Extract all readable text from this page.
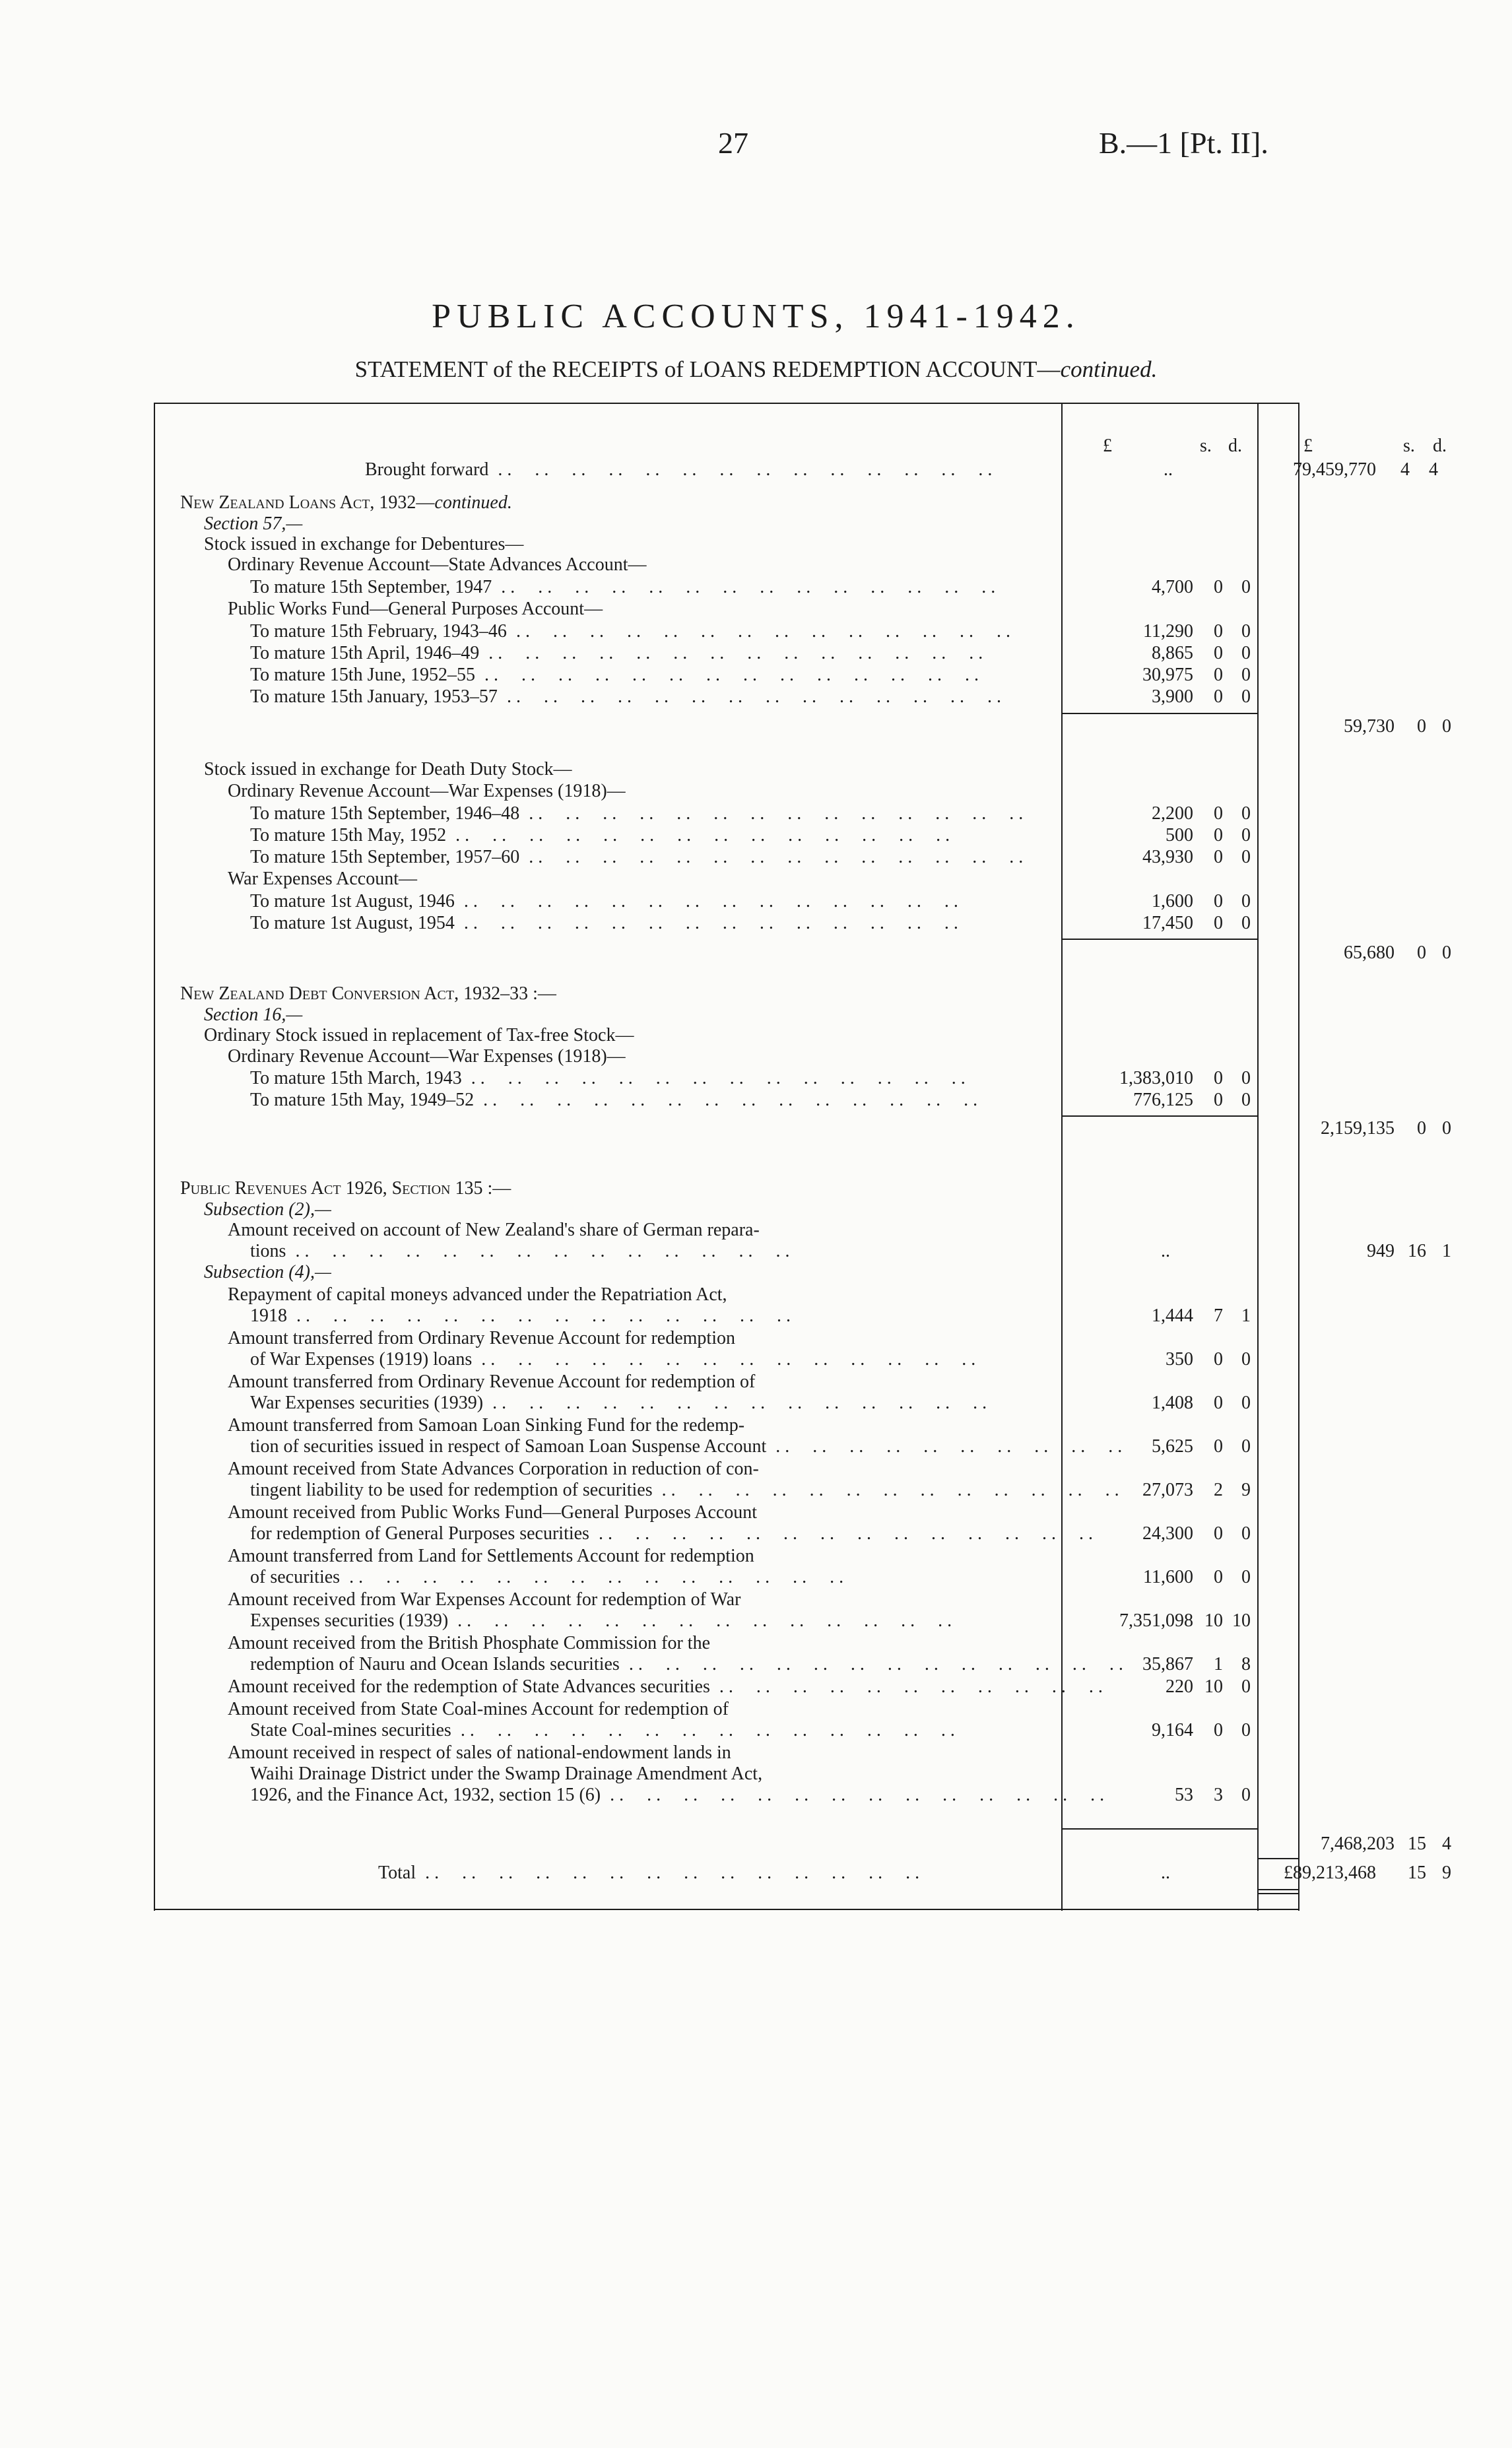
27	B.—1 [Pt. II].
PUBLIC ACCOUNTS, 1941-1942.
STATEMENT of the RECEIPTS of LOANS REDEMPTION ACCOUNT—continued.
£	s. d.	£	s. d.
Brought forward . .	..	79,459,770 4 4
New Zealand Loans Act, 1932—continued.
Section 57,—
Stock issued in exchange for Debentures—
Ordinary Revenue Account—State Advances Account—
To mature 15th September, 1947 . .	4,700	0	0
Public Works Fund—General Purposes Account—
To mature 15th February, 1943–46 . .	11,290	0	0
To mature 15th April, 1946–49 . .	8,865	0	0
To mature 15th June, 1952–55 . .	30,975	0	0
To mature 15th January, 1953–57 . .	3,900	0	0
59,730	0 0
Stock issued in exchange for Death Duty Stock—
Ordinary Revenue Account—War Expenses (1918)—
To mature 15th September, 1946–48 . .	2,200	0	0
To mature 15th May, 1952 . .	500	0	0
To mature 15th September, 1957–60 . .	43,930	0	0
War Expenses Account—
To mature 1st August, 1946 . .	1,600	0	0
To mature 1st August, 1954 . .	17,450	0	0
65,680	0 0
New Zealand Debt Conversion Act, 1932–33 :—
Section 16,—
Ordinary Stock issued in replacement of Tax-free Stock—
Ordinary Revenue Account—War Expenses (1918)—
To mature 15th March, 1943 . .	1,383,010	0	0
To mature 15th May, 1949–52 . .	776,125	0	0
2,159,135	0 0
Public Revenues Act 1926, Section 135 :—
Subsection (2),—
Amount received on account of New Zealand's share of German repara-
tions . .	..	949 16 1
Subsection (4),—
Repayment of capital moneys advanced under the Repatriation Act,
1918 . .	1,444	7	1
Amount transferred from Ordinary Revenue Account for redemption
of War Expenses (1919) loans . .	350	0	0
Amount transferred from Ordinary Revenue Account for redemption of
War Expenses securities (1939) . .	1,408	0	0
Amount transferred from Samoan Loan Sinking Fund for the redemp-
tion of securities issued in respect of Samoan Loan Suspense Account . .	5,625	0	0
Amount received from State Advances Corporation in reduction of con-
tingent liability to be used for redemption of securities . .	27,073	2	9
Amount received from Public Works Fund—General Purposes Account
for redemption of General Purposes securities . .	24,300	0	0
Amount transferred from Land for Settlements Account for redemption
of securities . .	11,600	0	0
Amount received from War Expenses Account for redemption of War
Expenses securities (1939) . .	7,351,098 10 10
Amount received from the British Phosphate Commission for the
redemption of Nauru and Ocean Islands securities . .	35,867	1	8
Amount received for the redemption of State Advances securities . .	220 10	0
Amount received from State Coal-mines Account for redemption of
State Coal-mines securities . .	9,164	0	0
Amount received in respect of sales of national-endowment lands in
Waihi Drainage District under the Swamp Drainage Amendment Act,
1926, and the Finance Act, 1932, section 15 (6) . .	53	3	0
7,468,203 15 4
Total . .	..	£89,213,468	15 9
